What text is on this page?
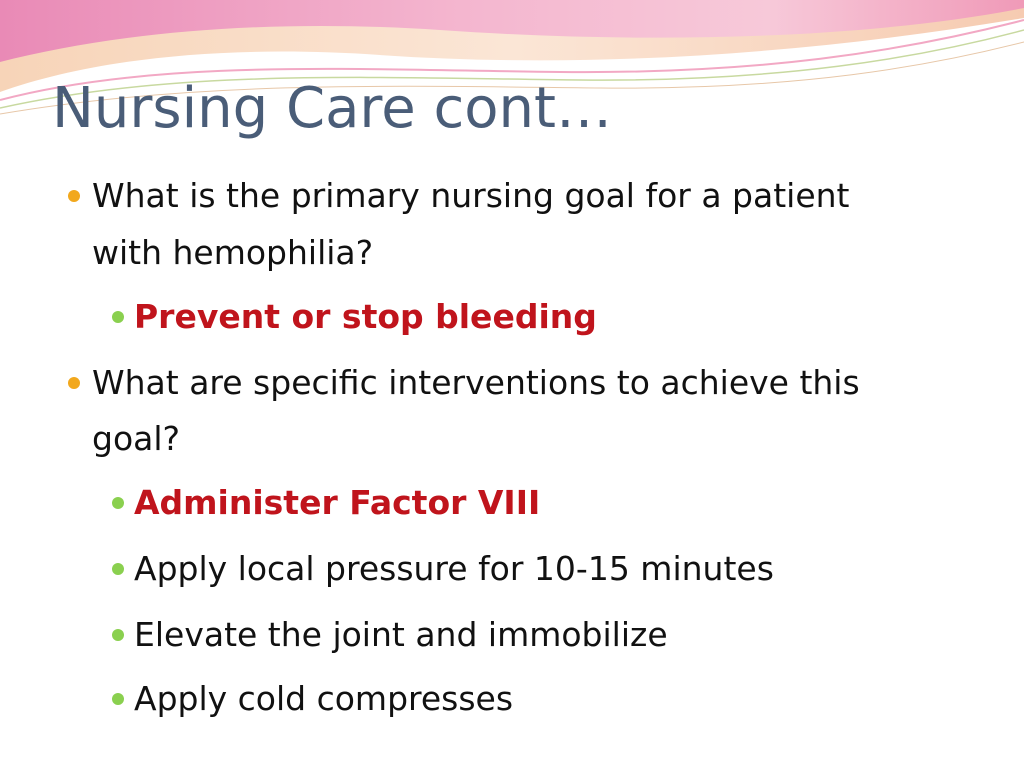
Nursing Care cont…
What is the primary nursing goal for a patient
with hemophilia?
Prevent or stop bleeding
What are specific interventions to achieve this
goal?
Administer Factor VIII
Apply local pressure for 10-15 minutes
Elevate the joint and immobilize
Apply cold compresses
